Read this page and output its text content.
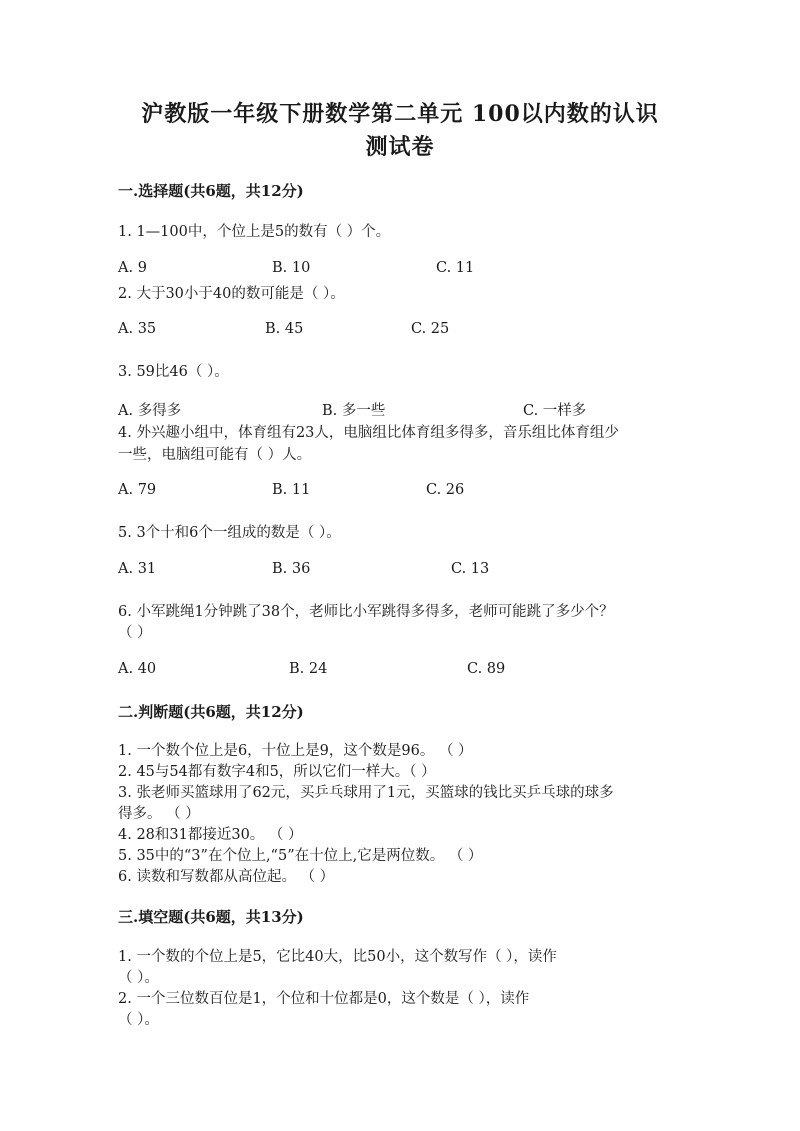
沪教版一年级下册数学第二单元 100以内数的认识
测试卷
一.选择题(共6题，共12分)
1. 1—100中，个位上是5的数有（ ）个。
A. 9	B. 10	C. 11
2. 大于30小于40的数可能是（ ）。
A. 35	B. 45	C. 25
3. 59比46（ ）。
A. 多得多	B. 多一些	C. 一样多
4. 外兴趣小组中，体育组有23人，电脑组比体育组多得多，音乐组比体育组少
一些，电脑组可能有（ ）人。
A. 79	B. 11	C. 26
5. 3个十和6个一组成的数是（ ）。
A. 31	B. 36	C. 13
6. 小军跳绳1分钟跳了38个，老师比小军跳得多得多，老师可能跳了多少个？
（ ）
A. 40	B. 24	C. 89
二.判断题(共6题，共12分)
1. 一个数个位上是6，十位上是9，这个数是96。 （ ）
2. 45与54都有数字4和5，所以它们一样大。（ ）
3. 张老师买篮球用了62元，买乒乓球用了1元，买篮球的钱比买乒乓球的球多
得多。 （ ）
4. 28和31都接近30。 （ ）
5. 35中的“3”在个位上,“5”在十位上,它是两位数。 （ ）
6. 读数和写数都从高位起。 （ ）
三.填空题(共6题，共13分)
1. 一个数的个位上是5，它比40大，比50小，这个数写作（ ），读作
（ ）。
2. 一个三位数百位是1，个位和十位都是0，这个数是（ ），读作
（ ）。
